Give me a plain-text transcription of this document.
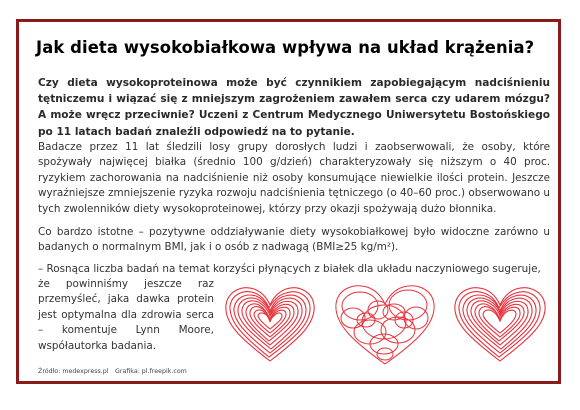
Jak dieta wysokobiałkowa wpływa na układ krążenia?
Czy dieta wysokoproteinowa może być czynnikiem zapobiegającym nadciśnieniu tętniczemu i wiązać się z mniejszym zagrożeniem zawałem serca czy udarem mózgu? A może wręcz przeciwnie? Uczeni z Centrum Medycznego Uniwersytetu Bostońskiego po 11 latach badań znaleźli odpowiedź na to pytanie.
Badacze przez 11 lat śledzili losy grupy dorosłych ludzi i zaobserwowali, że osoby, które spożywały najwięcej białka (średnio 100 g/dzień) charakteryzowały się niższym o 40 proc. ryzykiem zachorowania na nadciśnienie niż osoby konsumujące niewielkie ilości protein. Jeszcze wyraźniejsze zmniejszenie ryzyka rozwoju nadciśnienia tętniczego (o 40–60 proc.) obserwowano u tych zwolenników diety wysokoproteinowej, którzy przy okazji spożywają dużo błonnika.
Co bardzo istotne – pozytywne oddziaływanie diety wysokobiałkowej było widoczne zarówno u badanych o normalnym BMI, jak i o osób z nadwagą (BMI≥25 kg/m²).
– Rosnąca liczba badań na temat korzyści płynących z białek dla układu naczyniowego sugeruje,
że powinniśmy jeszcze raz przemyśleć, jaka dawka protein jest optymalna dla zdrowia serca – komentuje Lynn Moore, współautorka badania.
Źródło: medexpress.pl Grafika: pl.freepik.com
